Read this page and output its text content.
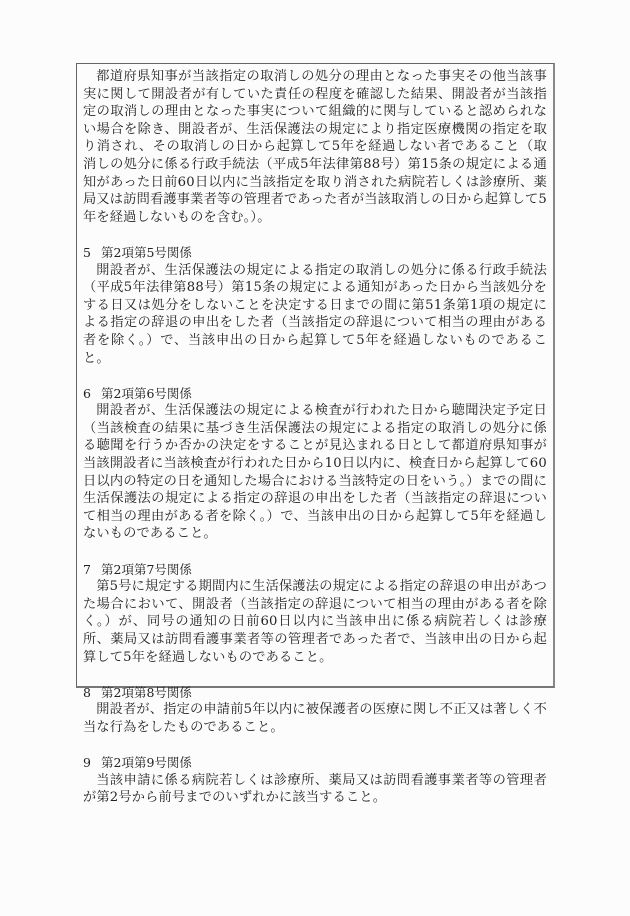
都道府県知事が当該指定の取消しの処分の理由となった事実その他当該事実に関して開設者が有していた責任の程度を確認した結果、開設者が当該指定の取消しの理由となった事実について組織的に関与していると認められない場合を除き、開設者が、生活保護法の規定により指定医療機関の指定を取り消され、その取消しの日から起算して5年を経過しない者であること（取消しの処分に係る行政手続法（平成5年法律第88号）第15条の規定による通知があった日前60日以内に当該指定を取り消された病院若しくは診療所、薬局又は訪問看護事業者等の管理者であった者が当該取消しの日から起算して5年を経過しないものを含む。）。

5 第2項第5号関係

開設者が、生活保護法の規定による指定の取消しの処分に係る行政手続法（平成5年法律第88号）第15条の規定による通知があった日から当該処分をする日又は処分をしないことを決定する日までの間に第51条第1項の規定による指定の辞退の申出をした者（当該指定の辞退について相当の理由がある者を除く。）で、当該申出の日から起算して5年を経過しないものであること。

6 第2項第6号関係

開設者が、生活保護法の規定による検査が行われた日から聴聞決定予定日（当該検査の結果に基づき生活保護法の規定による指定の取消しの処分に係る聴聞を行うか否かの決定をすることが見込まれる日として都道府県知事が当該開設者に当該検査が行われた日から10日以内に、検査日から起算して60日以内の特定の日を通知した場合における当該特定の日をいう。）までの間に生活保護法の規定による指定の辞退の申出をした者（当該指定の辞退について相当の理由がある者を除く。）で、当該申出の日から起算して5年を経過しないものであること。

7 第2項第7号関係

第5号に規定する期間内に生活保護法の規定による指定の辞退の申出があつた場合において、開設者（当該指定の辞退について相当の理由がある者を除く。）が、同号の通知の日前60日以内に当該申出に係る病院若しくは診療所、薬局又は訪問看護事業者等の管理者であった者で、当該申出の日から起算して5年を経過しないものであること。

8 第2項第8号関係

開設者が、指定の申請前5年以内に被保護者の医療に関し不正又は著しく不当な行為をしたものであること。

9 第2項第9号関係

当該申請に係る病院若しくは診療所、薬局又は訪問看護事業者等の管理者が第2号から前号までのいずれかに該当すること。
